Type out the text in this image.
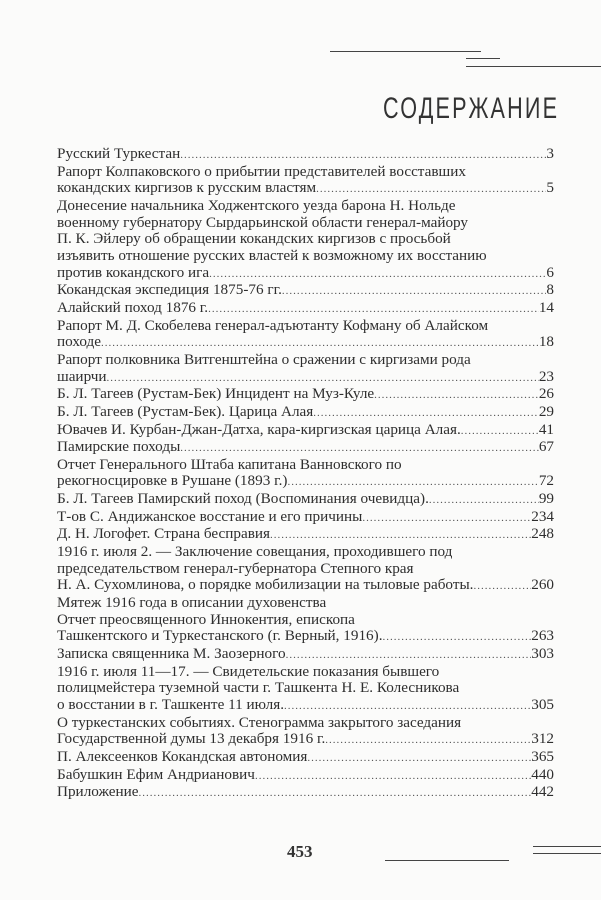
СОДЕРЖАНИЕ
Русский Туркестан .....	3
Рапорт Колпаковского о прибытии представителей восставших
кокандских киргизов к русским властям .....	5
Донесение начальника Ходжентского уезда барона Н. Нольде
военному губернатору Сырдарьинской области генерал-майору
П. К. Эйлеру об обращении кокандских киргизов с просьбой
изъявить отношение русских властей к возможному их восстанию
против кокандского ига .....	6
Кокандская экспедиция 1875-76 гг. .....	8
Алайский поход 1876 г. .....	14
Рапорт М. Д. Скобелева генерал-адъютанту Кофману об Алайском
походе .....	18
Рапорт полковника Витгенштейна о сражении с киргизами рода
шаирчи .....	23
Б. Л. Тагеев (Рустам-Бек) Инцидент на Муз-Куле .....	26
Б. Л. Тагеев (Рустам-Бек). Царица Алая .....	29
Ювачев И. Курбан-Джан-Датха, кара-киргизская царица Алая. .....	41
Памирские походы .....	67
Отчет Генерального Штаба капитана Ванновского по
рекогносцировке в Рушане (1893 г.) .....	72
Б. Л. Тагеев Памирский поход (Воспоминания очевидца). .....	99
Т-ов С. Андижанское восстание и его причины .....	234
Д. Н. Логофет. Страна бесправия .....	248
1916 г. июля 2. — Заключение совещания, проходившего под
председательством генерал-губернатора Степного края
Н. А. Сухомлинова, о порядке мобилизации на тыловые работы. .....	260
Мятеж 1916 года в описании духовенства
Отчет преосвященного Иннокентия, епископа
Ташкентского и Туркестанского (г. Верный, 1916). .....	263
Записка священника М. Заозерного .....	303
1916 г. июля 11—17. — Свидетельские показания бывшего
полицмейстера туземной части г. Ташкента Н. Е. Колесникова
о восстании в г. Ташкенте 11 июля. .....	305
О туркестанских событиях. Стенограмма закрытого заседания
Государственной думы 13 декабря 1916 г. .....	312
П. Алексеенков Кокандская автономия .....	365
Бабушкин Ефим Андрианович .....	440
Приложение .....	442
453
